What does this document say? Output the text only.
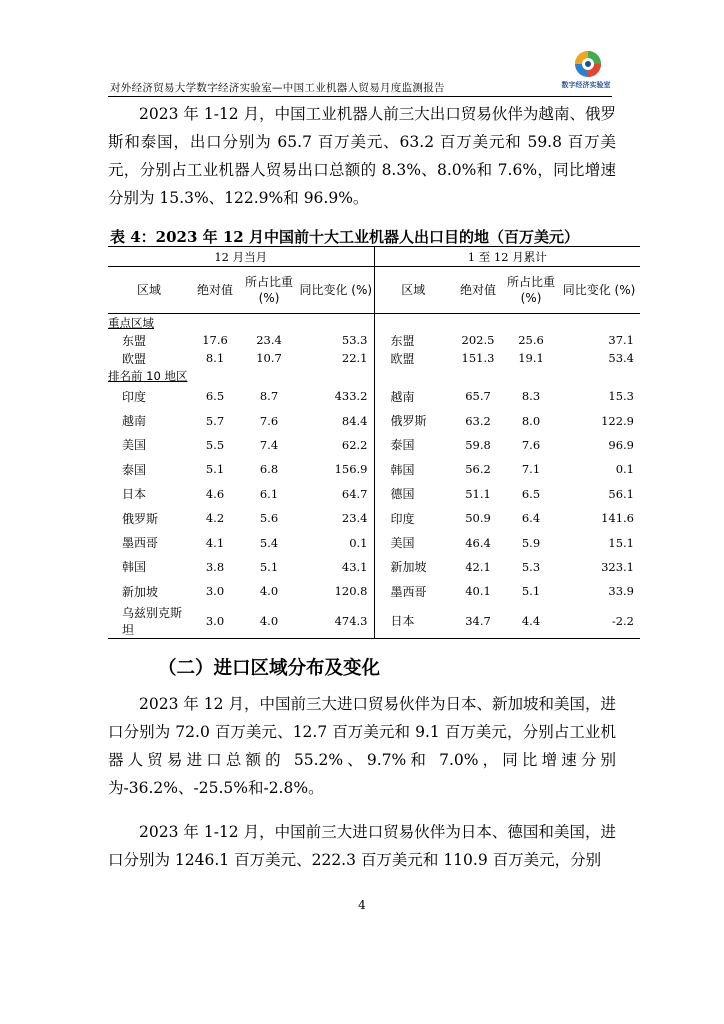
对外经济贸易大学数字经济实验室—中国工业机器人贸易月度监测报告	数字经济实验室

2023 年 1-12 月，中国工业机器人前三大出口贸易伙伴为越南、俄罗斯和泰国，出口分别为 65.7 百万美元、63.2 百万美元和 59.8 百万美元，分别占工业机器人贸易出口总额的 8.3%、8.0%和 7.6%，同比增速分别为 15.3%、122.9%和 96.9%。

表 4：2023 年 12 月中国前十大工业机器人出口目的地（百万美元）
12 月当月				1 至 12 月累计			
区域	绝对值	所占比重 (%)	同比变化 (%)	区域	绝对值	所占比重 (%)	同比变化 (%)
重点区域							
东盟	17.6	23.4	53.3	东盟	202.5	25.6	37.1
欧盟	8.1	10.7	22.1	欧盟	151.3	19.1	53.4
排名前 10 地区							
印度	6.5	8.7	433.2	越南	65.7	8.3	15.3
越南	5.7	7.6	84.4	俄罗斯	63.2	8.0	122.9
美国	5.5	7.4	62.2	泰国	59.8	7.6	96.9
泰国	5.1	6.8	156.9	韩国	56.2	7.1	0.1
日本	4.6	6.1	64.7	德国	51.1	6.5	56.1
俄罗斯	4.2	5.6	23.4	印度	50.9	6.4	141.6
墨西哥	4.1	5.4	0.1	美国	46.4	5.9	15.1
韩国	3.8	5.1	43.1	新加坡	42.1	5.3	323.1
新加坡	3.0	4.0	120.8	墨西哥	40.1	5.1	33.9
乌兹别克斯坦	3.0	4.0	474.3	日本	34.7	4.4	-2.2
（二）进口区域分布及变化

2023 年 12 月，中国前三大进口贸易伙伴为日本、新加坡和美国，进口分别为 72.0 百万美元、12.7 百万美元和 9.1 百万美元，分别占工业机器人贸易进口总额的 55.2%、9.7%和 7.0%，同比增速分别为-36.2%、-25.5%和-2.8%。

2023 年 1-12 月，中国前三大进口贸易伙伴为日本、德国和美国，进口分别为 1246.1 百万美元、222.3 百万美元和 110.9 百万美元，分别

4
